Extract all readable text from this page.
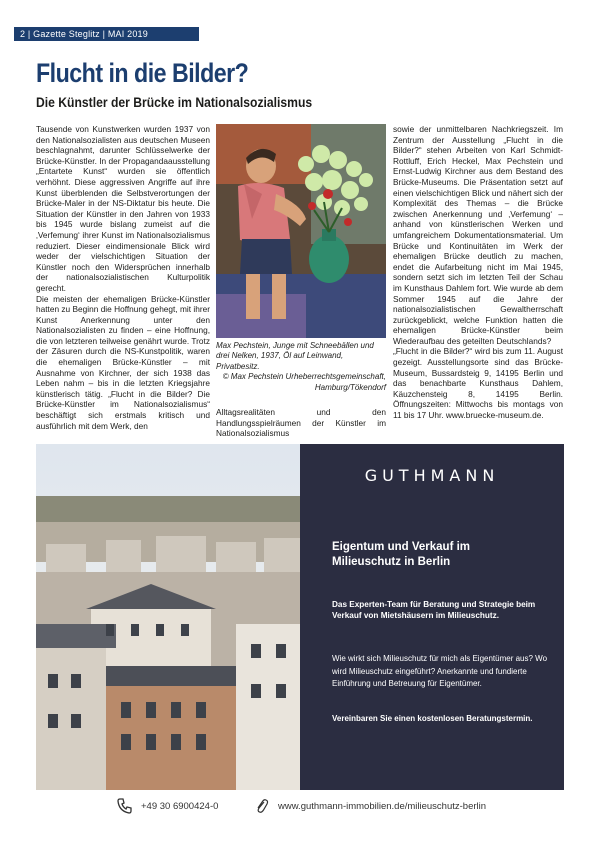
2 | Gazette Steglitz | MAI 2019
Flucht in die Bilder?
Die Künstler der Brücke im Nationalsozialismus

Tausende von Kunstwerken wurden 1937 von den Nationalsozialisten aus deutschen Museen beschlagnahmt, darunter Schlüsselwerke der Brücke-Künstler. In der Propagandaausstellung „Entartete Kunst“ wurden sie öffentlich verhöhnt. Diese aggressiven Angriffe auf ihre Kunst überblenden die Selbstverortungen der Brücke-Maler in der NS-Diktatur bis heute. Die Situation der Künstler in den Jahren von 1933 bis 1945 wurde bislang zumeist auf die ‚Verfemung‘ ihrer Kunst im Nationalsozialismus reduziert. Dieser eindimensionale Blick wird weder der vielschichtigen Situation der Künstler noch den Widersprüchen innerhalb der nationalsozialistischen Kulturpolitik gerecht.

Die meisten der ehemaligen Brücke-Künstler hatten zu Beginn die Hoffnung gehegt, mit ihrer Kunst Anerkennung unter den Nationalsozialisten zu finden – eine Hoffnung, die von letzteren teilweise genährt wurde. Trotz der Zäsuren durch die NS-Kunstpolitik, waren die ehemaligen Brücke-Künstler – mit Ausnahme von Kirchner, der sich 1938 das Leben nahm – bis in die letzten Kriegsjahre künstlerisch tätig. „Flucht in die Bilder? Die Brücke-Künstler im Nationalsozialismus“ beschäftigt sich erstmals kritisch und ausführlich mit dem Werk, den

Max Pechstein, Junge mit Schneebällen und drei Nelken, 1937, Öl auf Leinwand, Privatbesitz.

© Max Pechstein Urheberrechtsgemeinschaft, Hamburg/Tökendorf

Alltagsrealitäten und den Handlungsspielräumen der Künstler im Nationalsozialismus

sowie der unmittelbaren Nachkriegszeit. Im Zentrum der Ausstellung „Flucht in die Bilder?“ stehen Arbeiten von Karl Schmidt-Rottluff, Erich Heckel, Max Pechstein und Ernst-Ludwig Kirchner aus dem Bestand des Brücke-Museums. Die Präsentation setzt auf einen vielschichtigen Blick und nähert sich der Komplexität des Themas – die Brücke zwischen Anerkennung und ‚Verfemung‘ – anhand von künstlerischen Werken und umfangreichem Dokumentationsmaterial. Um Brücke und Kontinuitäten im Werk der ehemaligen Brücke deutlich zu machen, endet die Aufarbeitung nicht im Mai 1945, sondern setzt sich im letzten Teil der Schau im Kunsthaus Dahlem fort. Wie wurde ab dem Sommer 1945 auf die Jahre der nationalsozialistischen Gewaltherrschaft zurückgeblickt, welche Funktion hatten die ehemaligen Brücke-Künstler beim Wiederaufbau des geteilten Deutschlands?

„Flucht in die Bilder?“ wird bis zum 11. August gezeigt. Ausstellungsorte sind das Brücke-Museum, Bussardsteig 9, 14195 Berlin und das benachbarte Kunsthaus Dahlem, Käuzchensteig 8, 14195 Berlin. Öffnungszeiten: Mittwochs bis montags von 11 bis 17 Uhr. www.bruecke-museum.de.

GUTHMANN
Eigentum und Verkauf im Milieuschutz in Berlin
Das Experten-Team für Beratung und Strategie beim Verkauf von Mietshäusern im Milieuschutz.
Wie wirkt sich Milieuschutz für mich als Eigentümer aus? Wo wird Milieuschutz eingeführt? Anerkannte und fundierte Einführung und Betreuung für Eigentümer.
Vereinbaren Sie einen kostenlosen Beratungstermin.
+49 30 6900424-0	www.guthmann-immobilien.de/milieuschutz-berlin
